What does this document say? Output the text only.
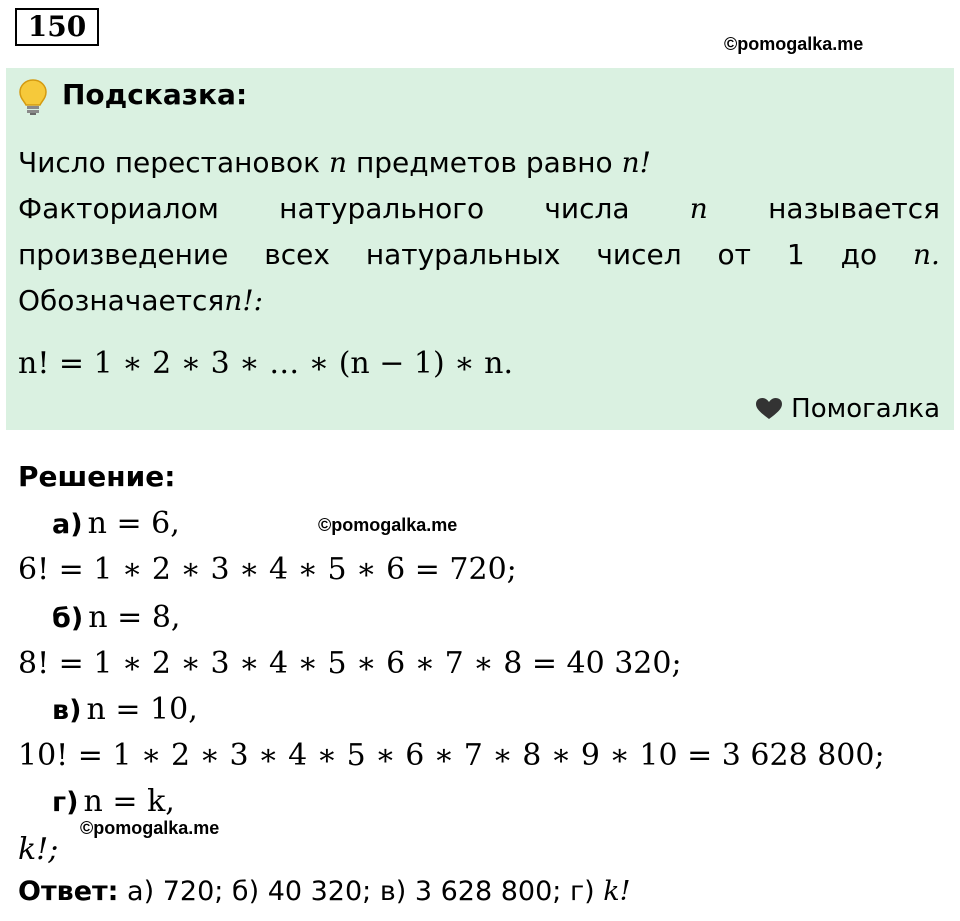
150
©pomogalka.me
Подсказка:
Число перестановок n предметов равно n!
Факториалом натурального числа n называется
произведение всех натуральных чисел от 1 до n.
Обозначаетсяn!:
n! = 1 ∗ 2 ∗ 3 ∗ … ∗ (n − 1) ∗ n.
Помогалка
Решение:
а) n = 6,	©pomogalka.me
6! = 1 ∗ 2 ∗ 3 ∗ 4 ∗ 5 ∗ 6 = 720;
б) n = 8,
8! = 1 ∗ 2 ∗ 3 ∗ 4 ∗ 5 ∗ 6 ∗ 7 ∗ 8 = 40 320;
в) n = 10,
10! = 1 ∗ 2 ∗ 3 ∗ 4 ∗ 5 ∗ 6 ∗ 7 ∗ 8 ∗ 9 ∗ 10 = 3 628 800;
г) n = k,
©pomogalka.me
k!;
Ответ: а) 720; б) 40 320; в) 3 628 800; г) k!
